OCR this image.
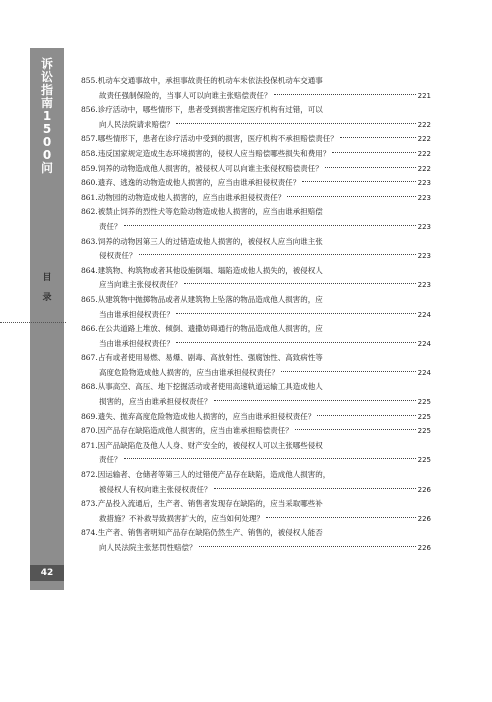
诉
讼
指
南
1
5
0
0
问
目
录
42
855. 机动车交通事故中，承担事故责任的机动车未依法投保机动车交通事
故责任强制保险的，当事人可以向谁主张赔偿责任？	221
856. 诊疗活动中，哪些情形下，患者受到损害推定医疗机构有过错，可以
向人民法院请求赔偿？	222
857. 哪些情形下，患者在诊疗活动中受到的损害，医疗机构不承担赔偿责任？	222
858. 违反国家规定造成生态环境损害的，侵权人应当赔偿哪些损失和费用？	222
859. 饲养的动物造成他人损害的，被侵权人可以向谁主张侵权赔偿责任？	222
860. 遗弃、逃逸的动物造成他人损害的，应当由谁承担侵权责任？	223
861. 动物园的动物造成他人损害的，应当由谁承担侵权责任？	223
862. 被禁止饲养的烈性犬等危险动物造成他人损害的，应当由谁承担赔偿
责任？	223
863. 饲养的动物因第三人的过错造成他人损害的，被侵权人应当向谁主张
侵权责任？	223
864. 建筑物、构筑物或者其他设施倒塌、塌陷造成他人损失的，被侵权人
应当向谁主张侵权责任？	223
865. 从建筑物中抛掷物品或者从建筑物上坠落的物品造成他人损害的，应
当由谁承担侵权责任？	224
866. 在公共道路上堆放、倾倒、遗撒妨碍通行的物品造成他人损害的，应
当由谁承担侵权责任？	224
867. 占有或者使用易燃、易爆、剧毒、高放射性、强腐蚀性、高致病性等
高度危险物造成他人损害的，应当由谁承担侵权责任？	224
868. 从事高空、高压、地下挖掘活动或者使用高速轨道运输工具造成他人
损害的，应当由谁承担侵权责任？	225
869. 遗失、抛弃高度危险物造成他人损害的，应当由谁承担侵权责任？	225
870. 因产品存在缺陷造成他人损害的，应当由谁承担赔偿责任？	225
871. 因产品缺陷危及他人人身、财产安全的，被侵权人可以主张哪些侵权
责任？	225
872. 因运输者、仓储者等第三人的过错使产品存在缺陷，造成他人损害的，
被侵权人有权向谁主张侵权责任？	226
873. 产品投入流通后，生产者、销售者发现存在缺陷的，应当采取哪些补
救措施？不补救导致损害扩大的，应当如何处理？	226
874. 生产者、销售者明知产品存在缺陷仍然生产、销售的，被侵权人能否
向人民法院主张惩罚性赔偿？	226
